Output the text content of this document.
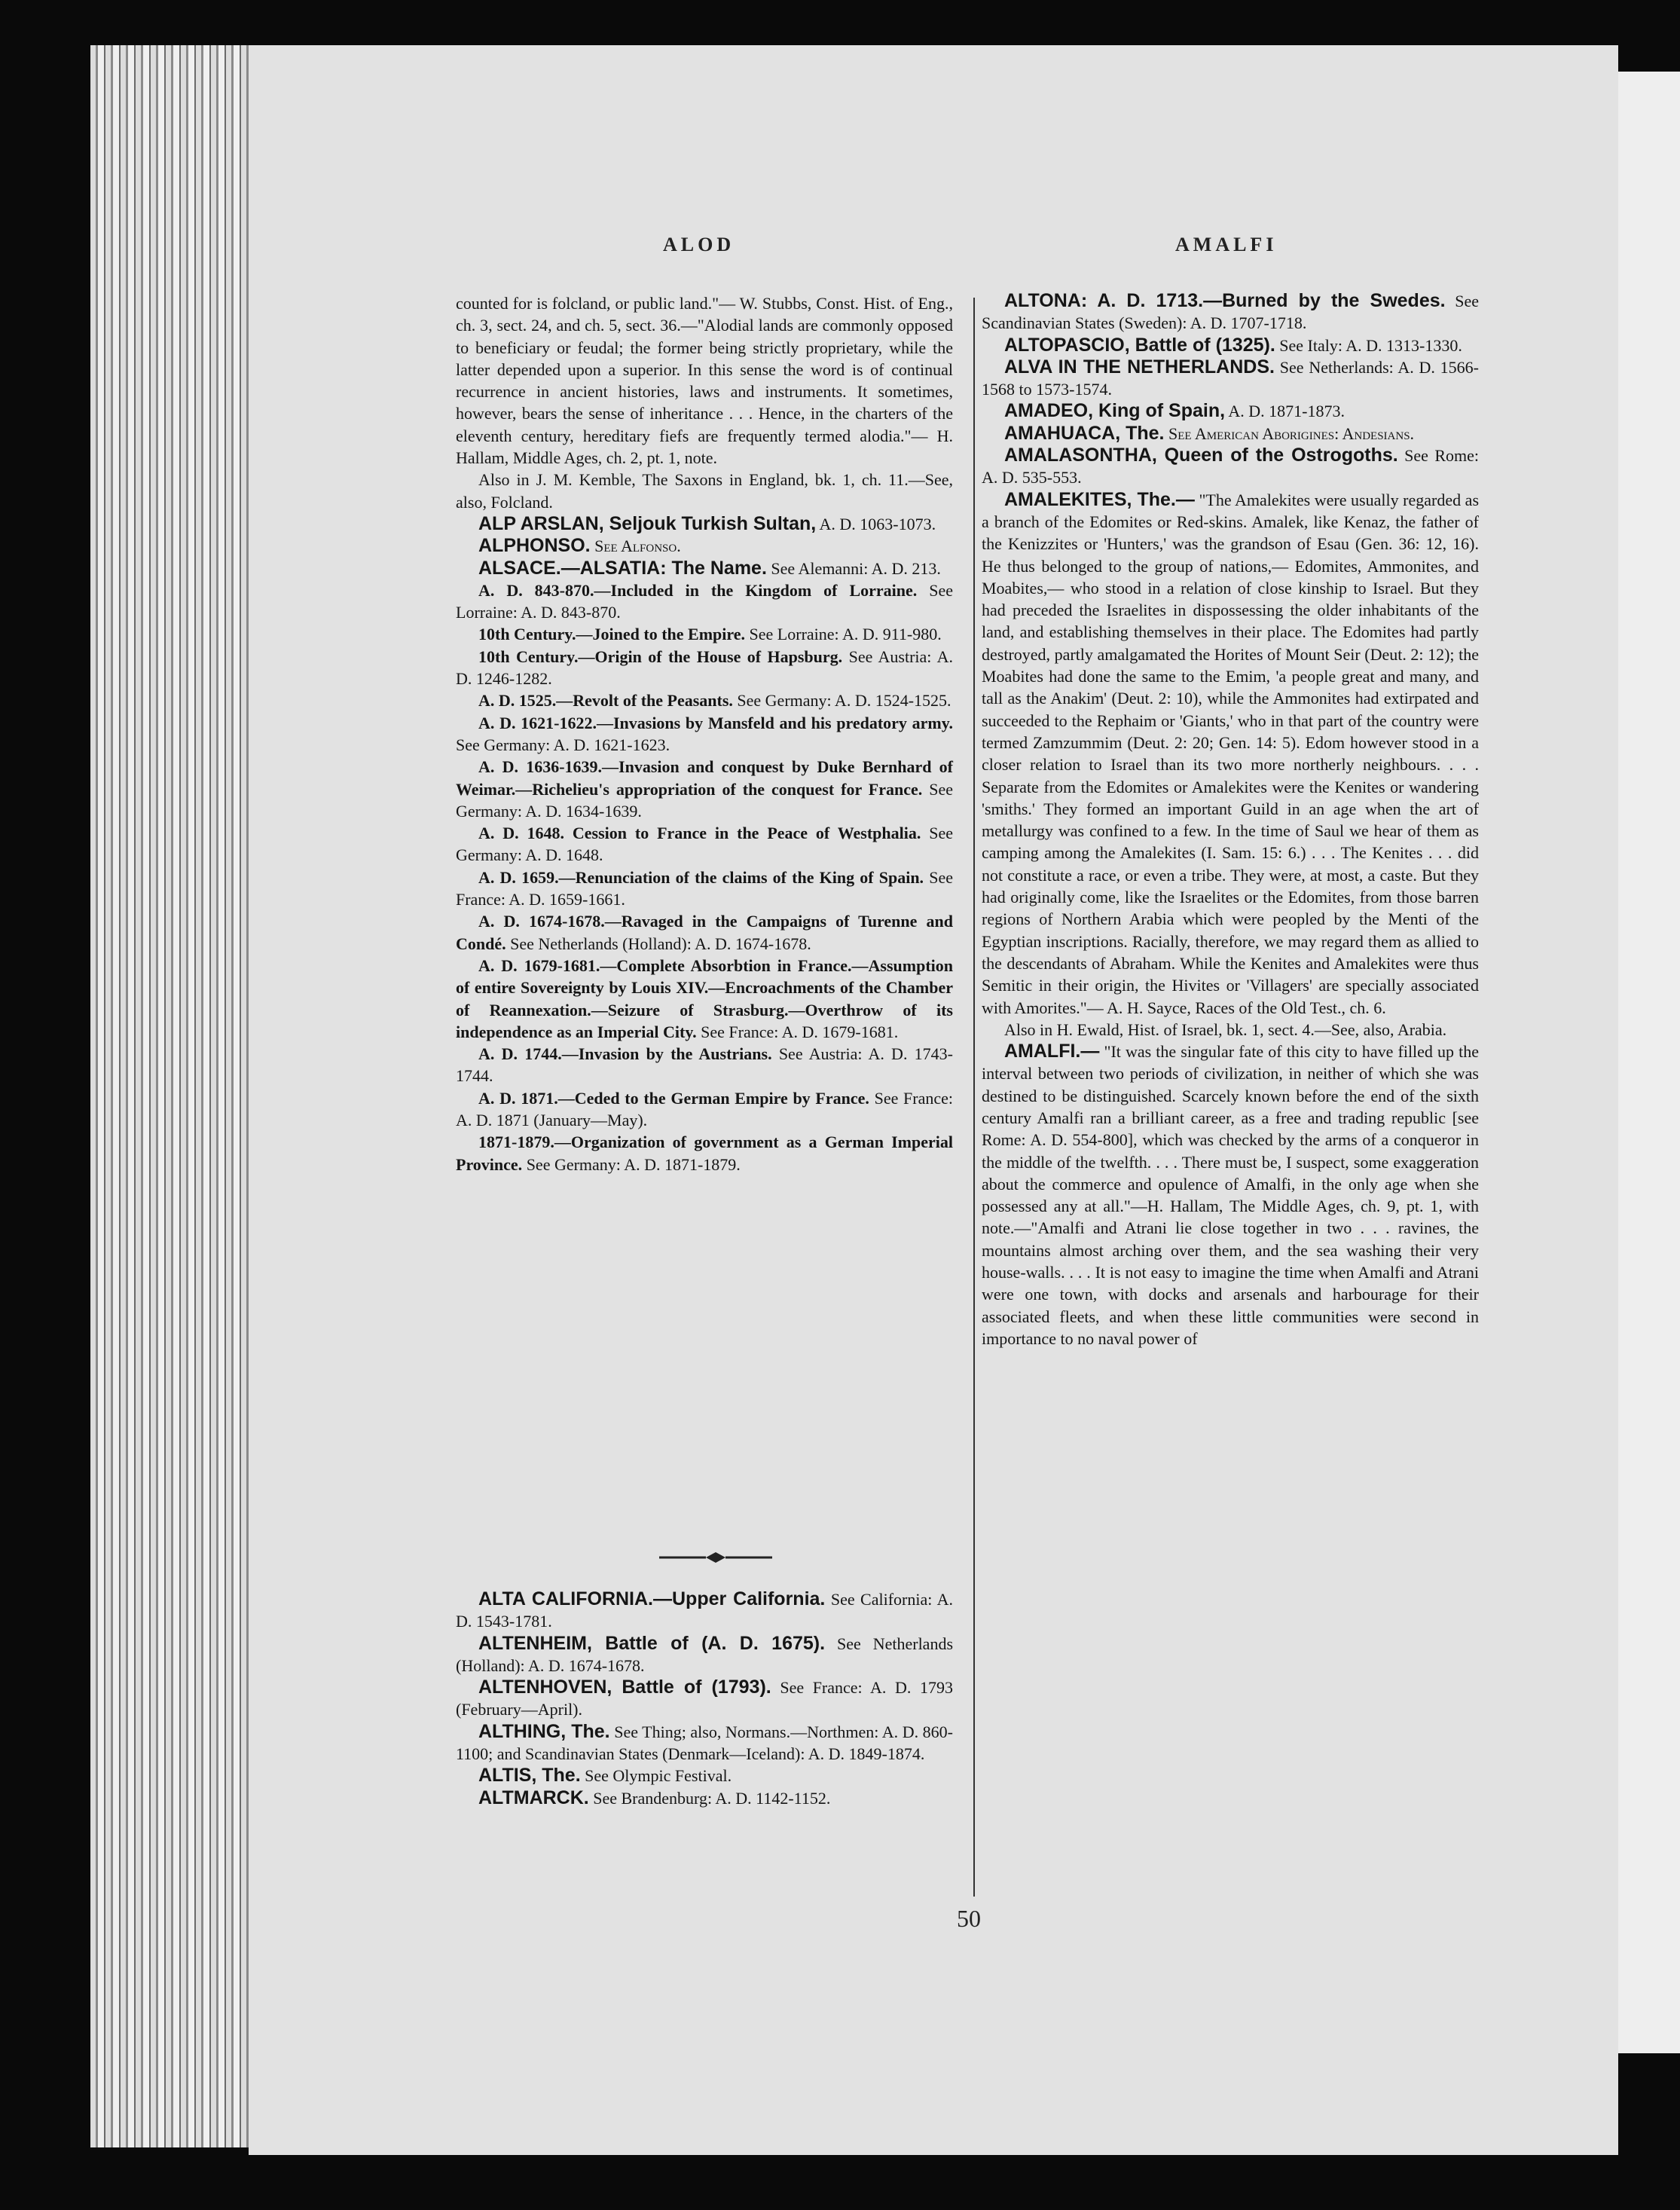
ALOD	AMALFI

counted for is folcland, or public land."— W. Stubbs, Const. Hist. of Eng., ch. 3, sect. 24, and ch. 5, sect. 36.—"Alodial lands are commonly opposed to beneficiary or feudal; the former being strictly proprietary, while the latter depended upon a superior. In this sense the word is of continual recurrence in ancient histories, laws and instruments. It sometimes, however, bears the sense of inheritance . . . Hence, in the charters of the eleventh century, hereditary fiefs are frequently termed alodia."— H. Hallam, Middle Ages, ch. 2, pt. 1, note.

Also in J. M. Kemble, The Saxons in England, bk. 1, ch. 11.—See, also, Folcland.

ALP ARSLAN, Seljouk Turkish Sultan, A. D. 1063-1073.

ALPHONSO. See Alfonso.

ALSACE.—ALSATIA: The Name. See Alemanni: A. D. 213.

A. D. 843-870.—Included in the Kingdom of Lorraine. See Lorraine: A. D. 843-870.

10th Century.—Joined to the Empire. See Lorraine: A. D. 911-980.

10th Century.—Origin of the House of Hapsburg. See Austria: A. D. 1246-1282.

A. D. 1525.—Revolt of the Peasants. See Germany: A. D. 1524-1525.

A. D. 1621-1622.—Invasions by Mansfeld and his predatory army. See Germany: A. D. 1621-1623.

A. D. 1636-1639.—Invasion and conquest by Duke Bernhard of Weimar.—Richelieu's appropriation of the conquest for France. See Germany: A. D. 1634-1639.

A. D. 1648. Cession to France in the Peace of Westphalia. See Germany: A. D. 1648.

A. D. 1659.—Renunciation of the claims of the King of Spain. See France: A. D. 1659-1661.

A. D. 1674-1678.—Ravaged in the Campaigns of Turenne and Condé. See Netherlands (Holland): A. D. 1674-1678.

A. D. 1679-1681.—Complete Absorbtion in France.—Assumption of entire Sovereignty by Louis XIV.—Encroachments of the Chamber of Reannexation.—Seizure of Strasburg.—Overthrow of its independence as an Imperial City. See France: A. D. 1679-1681.

A. D. 1744.—Invasion by the Austrians. See Austria: A. D. 1743-1744.

A. D. 1871.—Ceded to the German Empire by France. See France: A. D. 1871 (January—May).

1871-1879.—Organization of government as a German Imperial Province. See Germany: A. D. 1871-1879.

ALTA CALIFORNIA.—Upper California. See California: A. D. 1543-1781.

ALTENHEIM, Battle of (A. D. 1675). See Netherlands (Holland): A. D. 1674-1678.

ALTENHOVEN, Battle of (1793). See France: A. D. 1793 (February—April).

ALTHING, The. See Thing; also, Normans.—Northmen: A. D. 860-1100; and Scandinavian States (Denmark—Iceland): A. D. 1849-1874.

ALTIS, The. See Olympic Festival.

ALTMARCK. See Brandenburg: A. D. 1142-1152.

ALTONA: A. D. 1713.—Burned by the Swedes. See Scandinavian States (Sweden): A. D. 1707-1718.

ALTOPASCIO, Battle of (1325). See Italy: A. D. 1313-1330.

ALVA IN THE NETHERLANDS. See Netherlands: A. D. 1566-1568 to 1573-1574.

AMADEO, King of Spain, A. D. 1871-1873.

AMAHUACA, The. See American Aborigines: Andesians.

AMALASONTHA, Queen of the Ostrogoths. See Rome: A. D. 535-553.

AMALEKITES, The.— "The Amalekites were usually regarded as a branch of the Edomites or Red-skins. Amalek, like Kenaz, the father of the Kenizzites or 'Hunters,' was the grandson of Esau (Gen. 36: 12, 16). He thus belonged to the group of nations,— Edomites, Ammonites, and Moabites,— who stood in a relation of close kinship to Israel. But they had preceded the Israelites in dispossessing the older inhabitants of the land, and establishing themselves in their place. The Edomites had partly destroyed, partly amalgamated the Horites of Mount Seir (Deut. 2: 12); the Moabites had done the same to the Emim, 'a people great and many, and tall as the Anakim' (Deut. 2: 10), while the Ammonites had extirpated and succeeded to the Rephaim or 'Giants,' who in that part of the country were termed Zamzummim (Deut. 2: 20; Gen. 14: 5). Edom however stood in a closer relation to Israel than its two more northerly neighbours. . . . Separate from the Edomites or Amalekites were the Kenites or wandering 'smiths.' They formed an important Guild in an age when the art of metallurgy was confined to a few. In the time of Saul we hear of them as camping among the Amalekites (I. Sam. 15: 6.) . . . The Kenites . . . did not constitute a race, or even a tribe. They were, at most, a caste. But they had originally come, like the Israelites or the Edomites, from those barren regions of Northern Arabia which were peopled by the Menti of the Egyptian inscriptions. Racially, therefore, we may regard them as allied to the descendants of Abraham. While the Kenites and Amalekites were thus Semitic in their origin, the Hivites or 'Villagers' are specially associated with Amorites."— A. H. Sayce, Races of the Old Test., ch. 6.

Also in H. Ewald, Hist. of Israel, bk. 1, sect. 4.—See, also, Arabia.

AMALFI.— "It was the singular fate of this city to have filled up the interval between two periods of civilization, in neither of which she was destined to be distinguished. Scarcely known before the end of the sixth century Amalfi ran a brilliant career, as a free and trading republic [see Rome: A. D. 554-800], which was checked by the arms of a conqueror in the middle of the twelfth. . . . There must be, I suspect, some exaggeration about the commerce and opulence of Amalfi, in the only age when she possessed any at all."—H. Hallam, The Middle Ages, ch. 9, pt. 1, with note.—"Amalfi and Atrani lie close together in two . . . ravines, the mountains almost arching over them, and the sea washing their very house-walls. . . . It is not easy to imagine the time when Amalfi and Atrani were one town, with docks and arsenals and harbourage for their associated fleets, and when these little communities were second in importance to no naval power of

50
